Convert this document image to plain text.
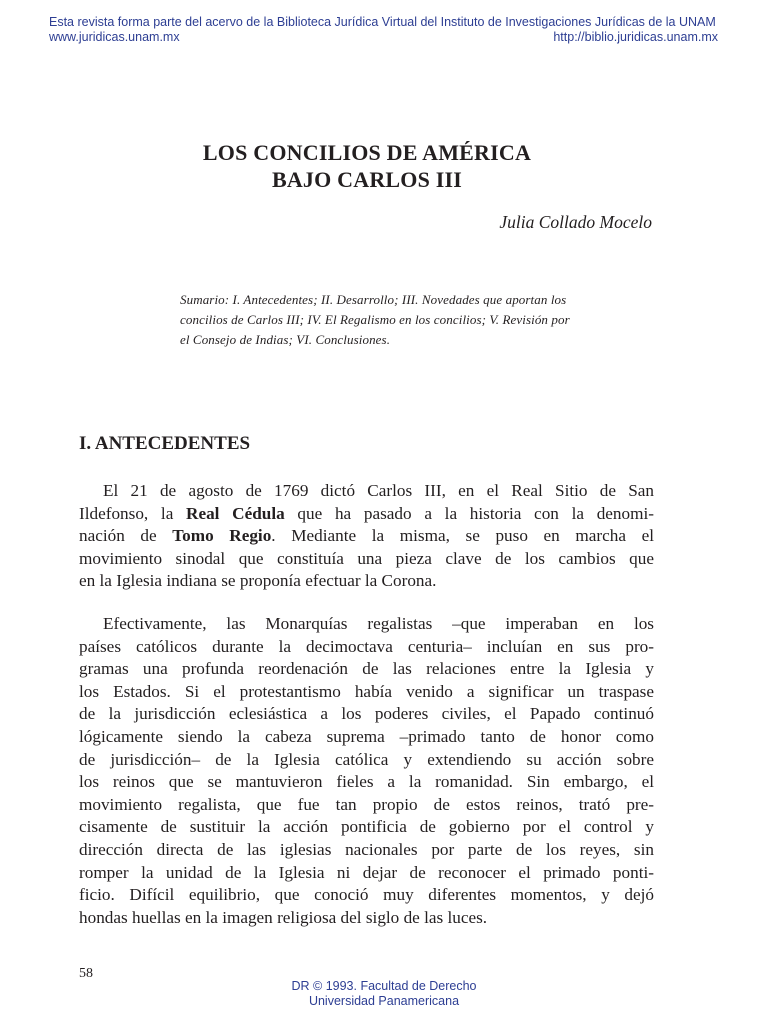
Esta revista forma parte del acervo de la Biblioteca Jurídica Virtual del Instituto de Investigaciones Jurídicas de la UNAM
www.juridicas.unam.mx	http://biblio.juridicas.unam.mx
LOS CONCILIOS DE AMÉRICA
BAJO CARLOS III
Julia Collado Mocelo
Sumario: I. Antecedentes; II. Desarrollo; III. Novedades que aportan los
concilios de Carlos III; IV. El Regalismo en los concilios; V. Revisión por
el Consejo de Indias; VI. Conclusiones.
I. ANTECEDENTES
El 21 de agosto de 1769 dictó Carlos III, en el Real Sitio de San
Ildefonso, la Real Cédula que ha pasado a la historia con la denomi-
nación de Tomo Regio. Mediante la misma, se puso en marcha el
movimiento sinodal que constituía una pieza clave de los cambios que
en la Iglesia indiana se proponía efectuar la Corona.
Efectivamente, las Monarquías regalistas –que imperaban en los
países católicos durante la decimoctava centuria– incluían en sus pro-
gramas una profunda reordenación de las relaciones entre la Iglesia y
los Estados. Si el protestantismo había venido a significar un traspase
de la jurisdicción eclesiástica a los poderes civiles, el Papado continuó
lógicamente siendo la cabeza suprema –primado tanto de honor como
de jurisdicción– de la Iglesia católica y extendiendo su acción sobre
los reinos que se mantuvieron fieles a la romanidad. Sin embargo, el
movimiento regalista, que fue tan propio de estos reinos, trató pre-
cisamente de sustituir la acción pontificia de gobierno por el control y
dirección directa de las iglesias nacionales por parte de los reyes, sin
romper la unidad de la Iglesia ni dejar de reconocer el primado ponti-
ficio. Difícil equilibrio, que conoció muy diferentes momentos, y dejó
hondas huellas en la imagen religiosa del siglo de las luces.
58
DR © 1993. Facultad de Derecho
Universidad Panamericana
